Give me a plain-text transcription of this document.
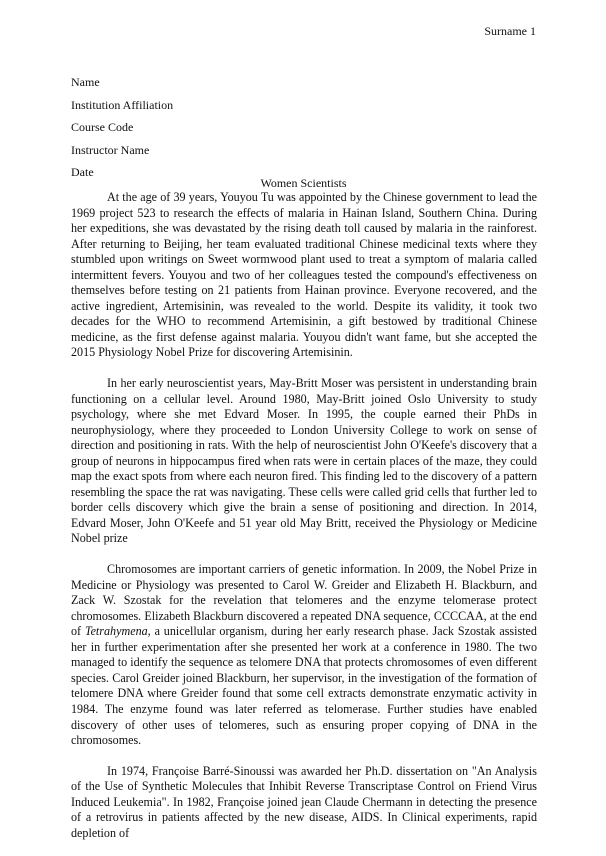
Surname 1
Name
Institution Affiliation
Course Code
Instructor Name
Date
Women Scientists

At the age of 39 years, Youyou Tu was appointed by the Chinese government to lead the 1969 project 523 to research the effects of malaria in Hainan Island, Southern China. During her expeditions, she was devastated by the rising death toll caused by malaria in the rainforest. After returning to Beijing, her team evaluated traditional Chinese medicinal texts where they stumbled upon writings on Sweet wormwood plant used to treat a symptom of malaria called intermittent fevers. Youyou and two of her colleagues tested the compound's effectiveness on themselves before testing on 21 patients from Hainan province. Everyone recovered, and the active ingredient, Artemisinin, was revealed to the world. Despite its validity, it took two decades for the WHO to recommend Artemisinin, a gift bestowed by traditional Chinese medicine, as the first defense against malaria. Youyou didn't want fame, but she accepted the 2015 Physiology Nobel Prize for discovering Artemisinin.

In her early neuroscientist years, May-Britt Moser was persistent in understanding brain functioning on a cellular level. Around 1980, May-Britt joined Oslo University to study psychology, where she met Edvard Moser. In 1995, the couple earned their PhDs in neurophysiology, where they proceeded to London University College to work on sense of direction and positioning in rats. With the help of neuroscientist John O'Keefe's discovery that a group of neurons in hippocampus fired when rats were in certain places of the maze, they could map the exact spots from where each neuron fired. This finding led to the discovery of a pattern resembling the space the rat was navigating. These cells were called grid cells that further led to border cells discovery which give the brain a sense of positioning and direction. In 2014, Edvard Moser, John O'Keefe and 51 year old May Britt, received the Physiology or Medicine Nobel prize

Chromosomes are important carriers of genetic information. In 2009, the Nobel Prize in Medicine or Physiology was presented to Carol W. Greider and Elizabeth H. Blackburn, and Zack W. Szostak for the revelation that telomeres and the enzyme telomerase protect chromosomes. Elizabeth Blackburn discovered a repeated DNA sequence, CCCCAA, at the end of Tetrahymena, a unicellular organism, during her early research phase. Jack Szostak assisted her in further experimentation after she presented her work at a conference in 1980. The two managed to identify the sequence as telomere DNA that protects chromosomes of even different species. Carol Greider joined Blackburn, her supervisor, in the investigation of the formation of telomere DNA where Greider found that some cell extracts demonstrate enzymatic activity in 1984. The enzyme found was later referred as telomerase. Further studies have enabled discovery of other uses of telomeres, such as ensuring proper copying of DNA in the chromosomes.

In 1974, Françoise Barré-Sinoussi was awarded her Ph.D. dissertation on "An Analysis of the Use of Synthetic Molecules that Inhibit Reverse Transcriptase Control on Friend Virus Induced Leukemia". In 1982, Françoise joined jean Claude Chermann in detecting the presence of a retrovirus in patients affected by the new disease, AIDS. In Clinical experiments, rapid depletion of
